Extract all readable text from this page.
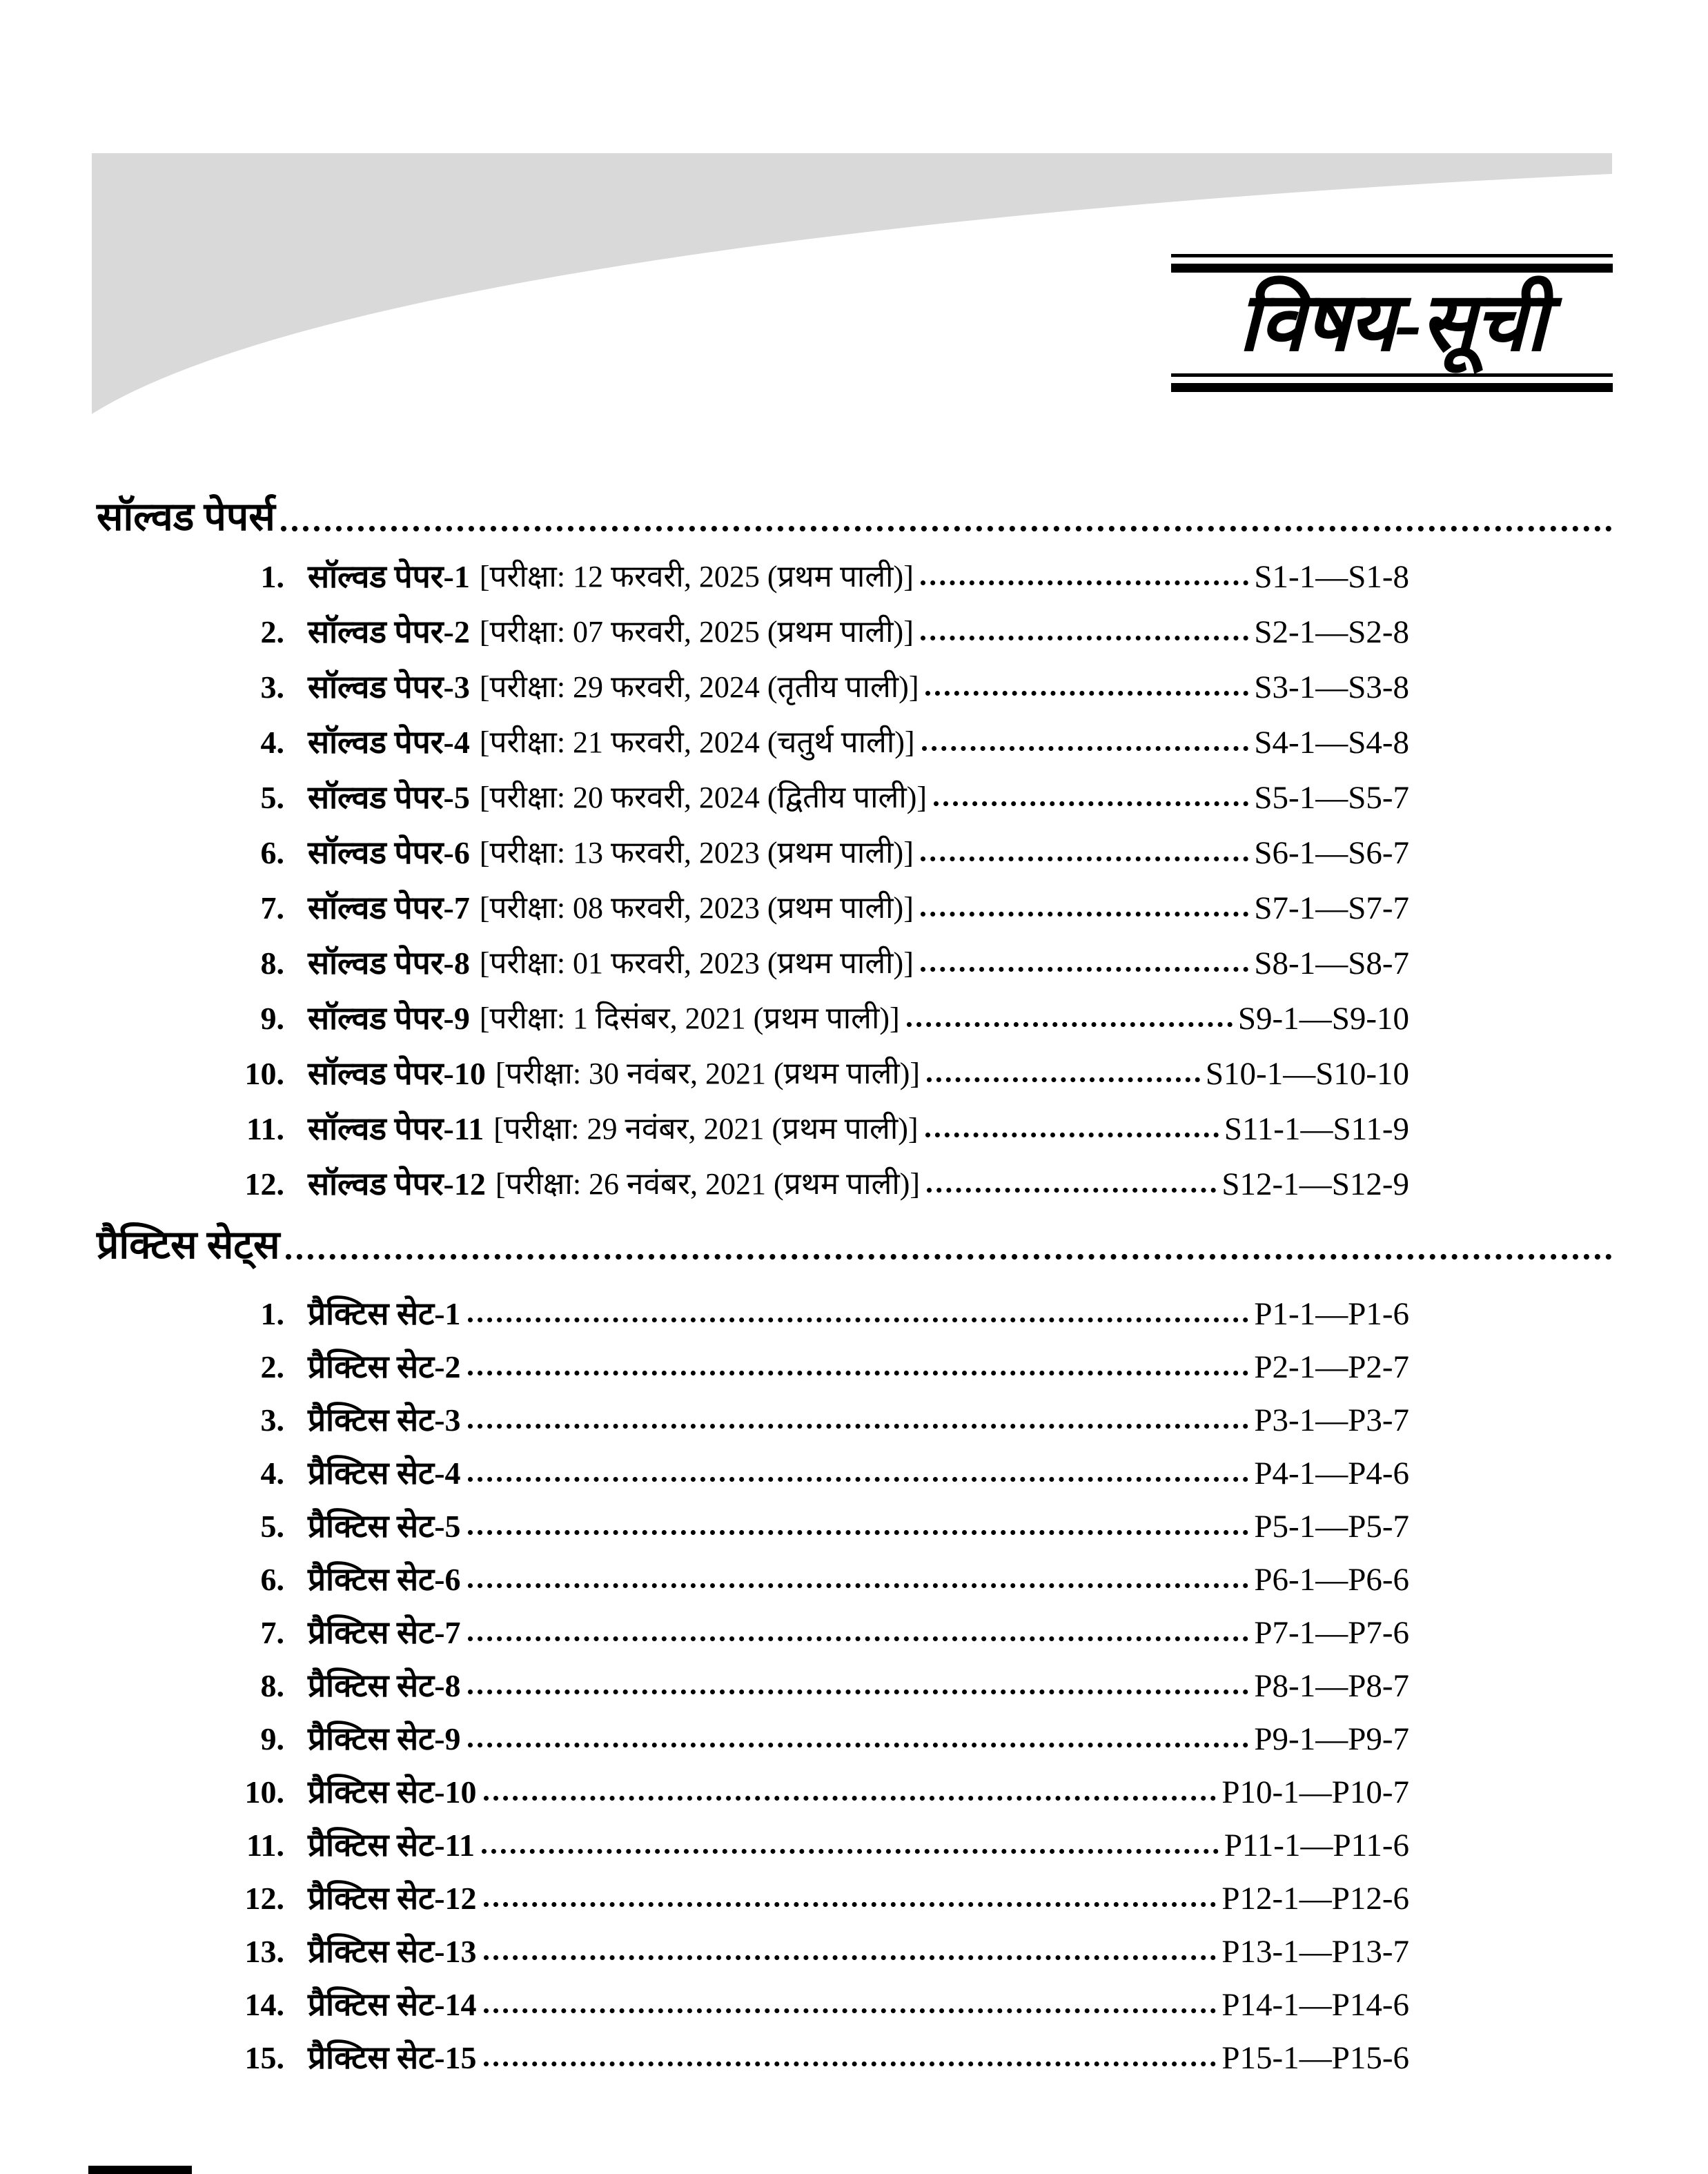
विषय-सूची
सॉल्वड पेपर्स
1. सॉल्वड पेपर-1 [परीक्षा: 12 फरवरी, 2025 (प्रथम पाली)]	S1-1—S1-8
2. सॉल्वड पेपर-2 [परीक्षा: 07 फरवरी, 2025 (प्रथम पाली)]	S2-1—S2-8
3. सॉल्वड पेपर-3 [परीक्षा: 29 फरवरी, 2024 (तृतीय पाली)]	S3-1—S3-8
4. सॉल्वड पेपर-4 [परीक्षा: 21 फरवरी, 2024 (चतुर्थ पाली)]	S4-1—S4-8
5. सॉल्वड पेपर-5 [परीक्षा: 20 फरवरी, 2024 (द्वितीय पाली)]	S5-1—S5-7
6. सॉल्वड पेपर-6 [परीक्षा: 13 फरवरी, 2023 (प्रथम पाली)]	S6-1—S6-7
7. सॉल्वड पेपर-7 [परीक्षा: 08 फरवरी, 2023 (प्रथम पाली)]	S7-1—S7-7
8. सॉल्वड पेपर-8 [परीक्षा: 01 फरवरी, 2023 (प्रथम पाली)]	S8-1—S8-7
9. सॉल्वड पेपर-9 [परीक्षा: 1 दिसंबर, 2021 (प्रथम पाली)]	S9-1—S9-10
10. सॉल्वड पेपर-10 [परीक्षा: 30 नवंबर, 2021 (प्रथम पाली)]	S10-1—S10-10
11. सॉल्वड पेपर-11 [परीक्षा: 29 नवंबर, 2021 (प्रथम पाली)]	S11-1—S11-9
12. सॉल्वड पेपर-12 [परीक्षा: 26 नवंबर, 2021 (प्रथम पाली)]	S12-1—S12-9
प्रैक्टिस सेट्स
1. प्रैक्टिस सेट-1	P1-1—P1-6
2. प्रैक्टिस सेट-2	P2-1—P2-7
3. प्रैक्टिस सेट-3	P3-1—P3-7
4. प्रैक्टिस सेट-4	P4-1—P4-6
5. प्रैक्टिस सेट-5	P5-1—P5-7
6. प्रैक्टिस सेट-6	P6-1—P6-6
7. प्रैक्टिस सेट-7	P7-1—P7-6
8. प्रैक्टिस सेट-8	P8-1—P8-7
9. प्रैक्टिस सेट-9	P9-1—P9-7
10. प्रैक्टिस सेट-10	P10-1—P10-7
11. प्रैक्टिस सेट-11	P11-1—P11-6
12. प्रैक्टिस सेट-12	P12-1—P12-6
13. प्रैक्टिस सेट-13	P13-1—P13-7
14. प्रैक्टिस सेट-14	P14-1—P14-6
15. प्रैक्टिस सेट-15	P15-1—P15-6
